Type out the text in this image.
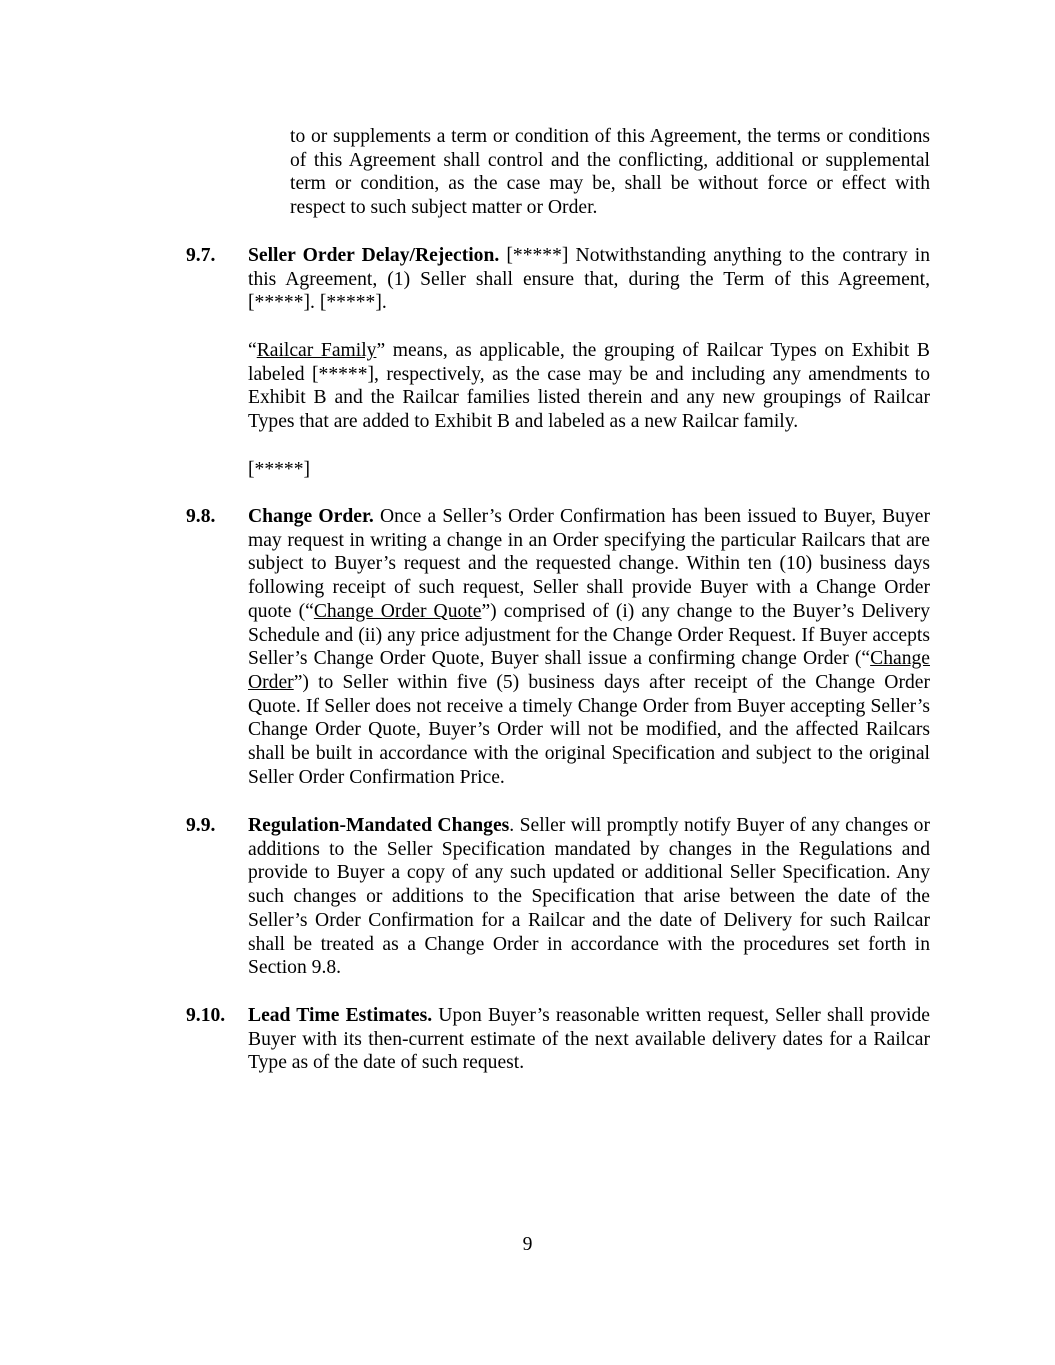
to or supplements a term or condition of this Agreement, the terms or conditions of this Agreement shall control and the conflicting, additional or supplemental term or condition, as the case may be, shall be without force or effect with respect to such subject matter or Order.

9.7. Seller Order Delay/Rejection. [*****] Notwithstanding anything to the contrary in this Agreement, (1) Seller shall ensure that, during the Term of this Agreement, [*****]. [*****].

“Railcar Family” means, as applicable, the grouping of Railcar Types on Exhibit B labeled [*****], respectively, as the case may be and including any amendments to Exhibit B and the Railcar families listed therein and any new groupings of Railcar Types that are added to Exhibit B and labeled as a new Railcar family.

[*****]

9.8. Change Order. Once a Seller’s Order Confirmation has been issued to Buyer, Buyer may request in writing a change in an Order specifying the particular Railcars that are subject to Buyer’s request and the requested change. Within ten (10) business days following receipt of such request, Seller shall provide Buyer with a Change Order quote (“Change Order Quote”) comprised of (i) any change to the Buyer’s Delivery Schedule and (ii) any price adjustment for the Change Order Request. If Buyer accepts Seller’s Change Order Quote, Buyer shall issue a confirming change Order (“Change Order”) to Seller within five (5) business days after receipt of the Change Order Quote. If Seller does not receive a timely Change Order from Buyer accepting Seller’s Change Order Quote, Buyer’s Order will not be modified, and the affected Railcars shall be built in accordance with the original Specification and subject to the original Seller Order Confirmation Price.

9.9. Regulation-Mandated Changes. Seller will promptly notify Buyer of any changes or additions to the Seller Specification mandated by changes in the Regulations and provide to Buyer a copy of any such updated or additional Seller Specification. Any such changes or additions to the Specification that arise between the date of the Seller’s Order Confirmation for a Railcar and the date of Delivery for such Railcar shall be treated as a Change Order in accordance with the procedures set forth in Section 9.8.

9.10. Lead Time Estimates. Upon Buyer’s reasonable written request, Seller shall provide Buyer with its then-current estimate of the next available delivery dates for a Railcar Type as of the date of such request.

9
